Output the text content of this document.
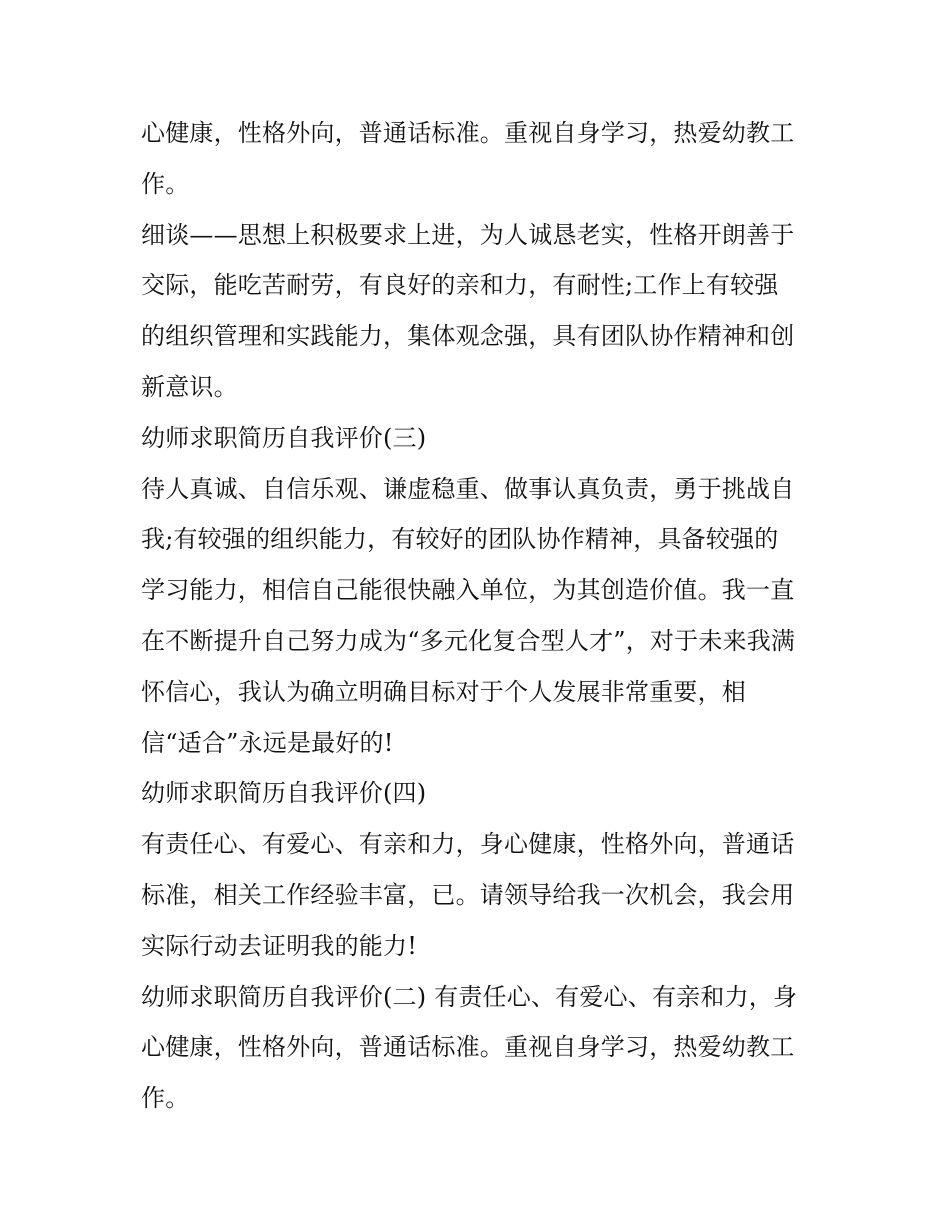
心健康，性格外向，普通话标准。重视自身学习，热爱幼教工
作。
细谈——思想上积极要求上进，为人诚恳老实，性格开朗善于
交际，能吃苦耐劳，有良好的亲和力，有耐性;工作上有较强
的组织管理和实践能力，集体观念强，具有团队协作精神和创
新意识。
幼师求职简历自我评价(三)
待人真诚、自信乐观、谦虚稳重、做事认真负责，勇于挑战自
我;有较强的组织能力，有较好的团队协作精神，具备较强的
学习能力，相信自己能很快融入单位，为其创造价值。我一直
在不断提升自己努力成为“多元化复合型人才”，对于未来我满
怀信心，我认为确立明确目标对于个人发展非常重要，相
信“适合”永远是最好的!
幼师求职简历自我评价(四)
有责任心、有爱心、有亲和力，身心健康，性格外向，普通话
标准，相关工作经验丰富，已。请领导给我一次机会，我会用
实际行动去证明我的能力!
幼师求职简历自我评价(二) 有责任心、有爱心、有亲和力，身
心健康，性格外向，普通话标准。重视自身学习，热爱幼教工
作。
